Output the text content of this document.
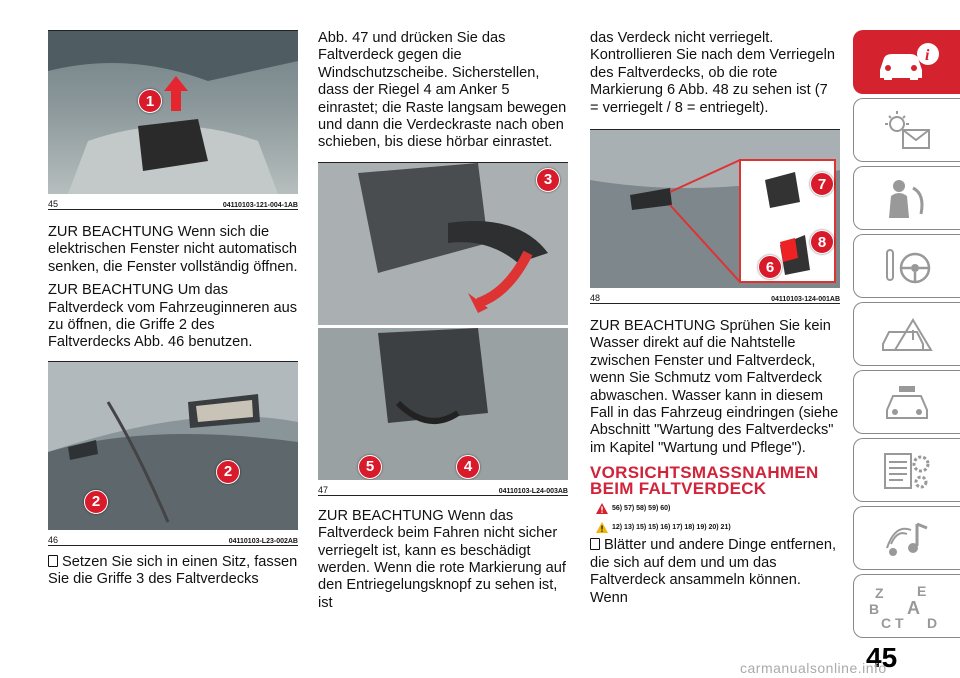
1
45	04110103-121-004-1AB

ZUR BEACHTUNG Wenn sich die elektrischen Fenster nicht automatisch senken, die Fenster vollständig öffnen.

ZUR BEACHTUNG Um das Faltverdeck vom Fahrzeuginneren aus zu öffnen, die Griffe 2 des Faltverdecks Abb. 46 benutzen.

2
2
46	04110103-L23-002AB

Setzen Sie sich in einen Sitz, fassen Sie die Griffe 3 des Faltverdecks

Abb. 47 und drücken Sie das Faltverdeck gegen die Windschutzscheibe. Sicherstellen, dass der Riegel 4 am Anker 5 einrastet; die Raste langsam bewegen und dann die Verdeckraste nach oben schieben, bis diese hörbar einrastet.

3
5	4
47	04110103-L24-003AB

ZUR BEACHTUNG Wenn das Faltverdeck beim Fahren nicht sicher verriegelt ist, kann es beschädigt werden. Wenn die rote Markierung auf den Entriegelungsknopf zu sehen ist, ist

das Verdeck nicht verriegelt. Kontrollieren Sie nach dem Verriegeln des Faltverdecks, ob die rote Markierung 6 Abb. 48 zu sehen ist (7 = verriegelt / 8 = entriegelt).

7
8
6
48	04110103-124-001AB

ZUR BEACHTUNG Sprühen Sie kein Wasser direkt auf die Nahtstelle zwischen Fenster und Faltverdeck, wenn Sie Schmutz vom Faltverdeck abwaschen. Wasser kann in diesem Fall in das Fahrzeug eindringen (siehe Abschnitt "Wartung des Faltverdecks" im Kapitel "Wartung und Pflege").

VORSICHTSMASSNAHMEN BEIM FALTVERDECK
56) 57) 58) 59) 60)
12) 13) 15) 15) 16) 17) 18) 19) 20) 21)

Blätter und andere Dinge entfernen, die sich auf dem und um das Faltverdeck ansammeln können. Wenn

i
Z E
B A
C T D
45
carmanualsonline.info
